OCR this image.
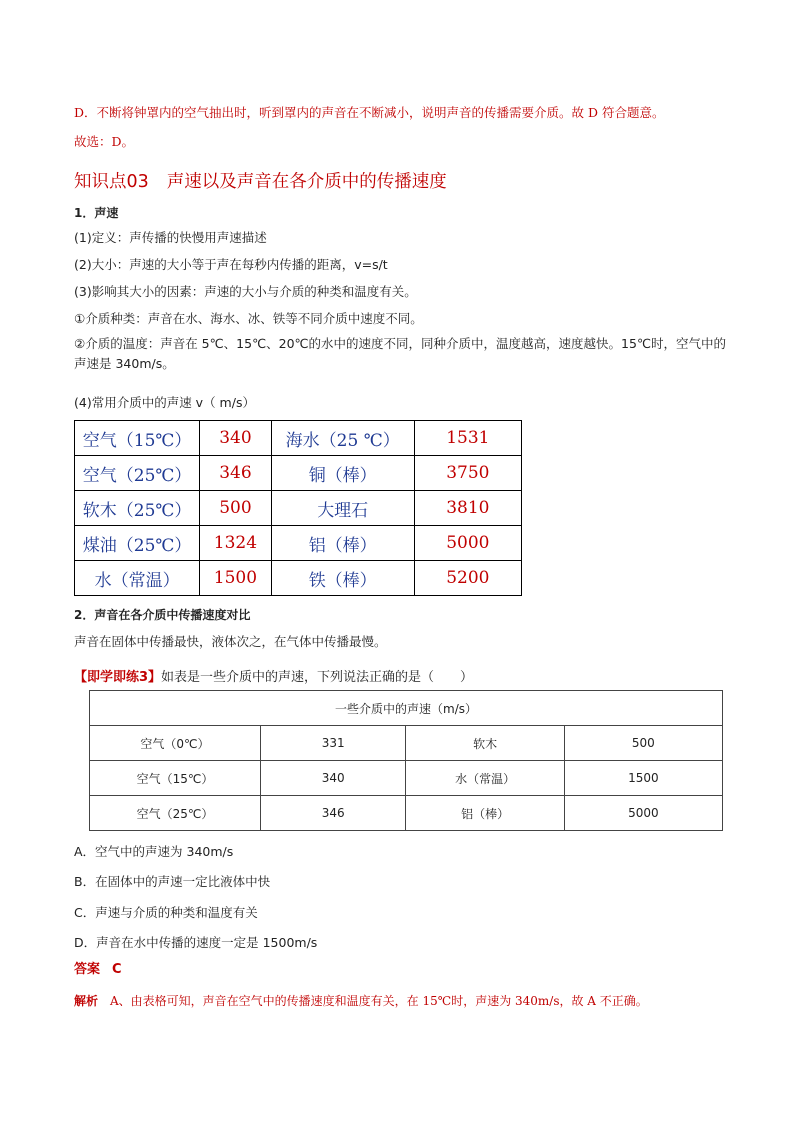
D．不断将钟罩内的空气抽出时，听到罩内的声音在不断减小，说明声音的传播需要介质。故 D 符合题意。
故选：D。
知识点03 声速以及声音在各介质中的传播速度
1．声速
(1)定义：声传播的快慢用声速描述
(2)大小：声速的大小等于声在每秒内传播的距离，v=s/t
(3)影响其大小的因素：声速的大小与介质的种类和温度有关。
①介质种类：声音在水、海水、冰、铁等不同介质中速度不同。
②介质的温度：声音在 5℃、15℃、20℃的水中的速度不同，同种介质中，温度越高，速度越快。15℃时，空气中的声速是 340m/s。
(4)常用介质中的声速 v（ m/s）
空气（15℃）	340	海水（25 ℃）	1531
空气（25℃）	346	铜（棒）	3750
软木（25℃）	500	大理石	3810
煤油（25℃）	1324	铝（棒）	5000
水（常温）	1500	铁（棒）	5200
2．声音在各介质中传播速度对比
声音在固体中传播最快，液体次之，在气体中传播最慢。
【即学即练3】如表是一些介质中的声速，下列说法正确的是（　　）
一些介质中的声速（m/s）			
空气（0℃）	331	软木	500
空气（15℃）	340	水（常温）	1500
空气（25℃）	346	铝（棒）	5000
A．空气中的声速为 340m/s
B．在固体中的声速一定比液体中快
C．声速与介质的种类和温度有关
D．声音在水中传播的速度一定是 1500m/s
答案 C
解析 A、由表格可知，声音在空气中的传播速度和温度有关，在 15℃时，声速为 340m/s，故 A 不正确。
